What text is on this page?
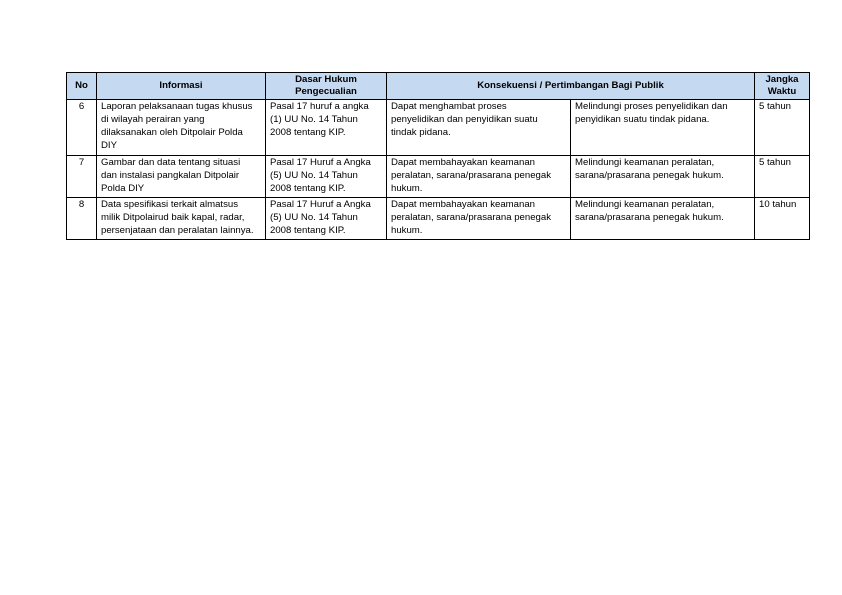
No	Informasi	Dasar Hukum
Pengecualian	Konsekuensi / Pertimbangan Bagi Publik		Jangka
Waktu

6	Laporan pelaksanaan tugas khusus
di wilayah perairan yang
dilaksanakan oleh Ditpolair Polda
DIY	Pasal 17 huruf a angka
(1) UU No. 14 Tahun
2008 tentang KIP.	Dapat menghambat proses
penyelidikan dan penyidikan suatu
tindak pidana.	Melindungi proses penyelidikan dan
penyidikan suatu tindak pidana.	5 tahun

7	Gambar dan data tentang situasi
dan instalasi pangkalan Ditpolair
Polda DIY	Pasal 17 Huruf a Angka
(5) UU No. 14 Tahun
2008 tentang KIP.	Dapat membahayakan keamanan
peralatan, sarana/prasarana penegak
hukum.	Melindungi keamanan peralatan,
sarana/prasarana penegak hukum.	5 tahun

8	Data spesifikasi terkait almatsus
milik Ditpolairud baik kapal, radar,
persenjataan dan peralatan lainnya.	Pasal 17 Huruf a Angka
(5) UU No. 14 Tahun
2008 tentang KIP.	Dapat membahayakan keamanan
peralatan, sarana/prasarana penegak
hukum.	Melindungi keamanan peralatan,
sarana/prasarana penegak hukum.	10 tahun
